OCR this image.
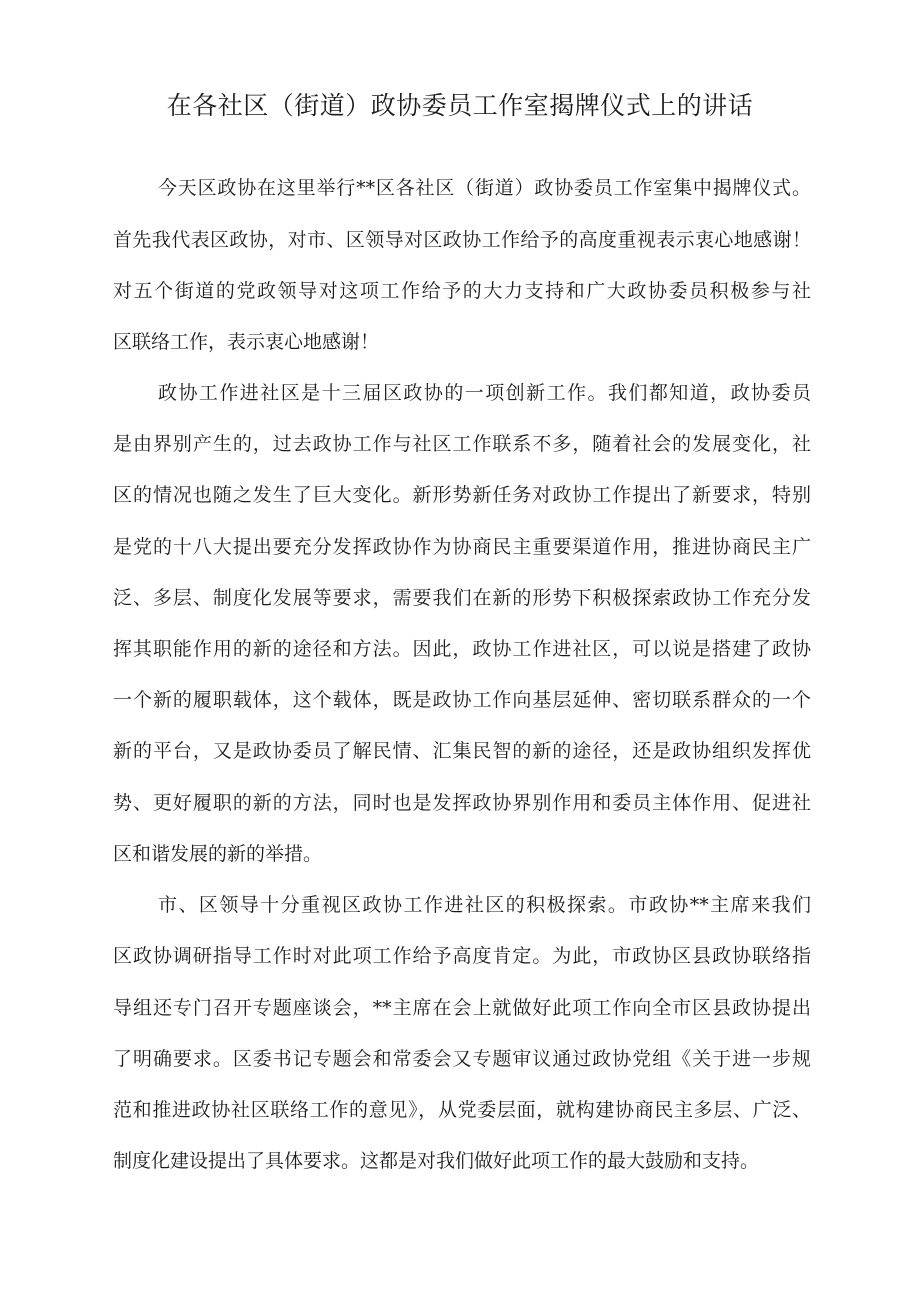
在各社区（街道）政协委员工作室揭牌仪式上的讲话
今天区政协在这里举行**区各社区（街道）政协委员工作室集中揭牌仪式。
首先我代表区政协，对市、区领导对区政协工作给予的高度重视表示衷心地感谢！
对五个街道的党政领导对这项工作给予的大力支持和广大政协委员积极参与社
区联络工作，表示衷心地感谢！
政协工作进社区是十三届区政协的一项创新工作。我们都知道，政协委员
是由界别产生的，过去政协工作与社区工作联系不多，随着社会的发展变化，社
区的情况也随之发生了巨大变化。新形势新任务对政协工作提出了新要求，特别
是党的十八大提出要充分发挥政协作为协商民主重要渠道作用，推进协商民主广
泛、多层、制度化发展等要求，需要我们在新的形势下积极探索政协工作充分发
挥其职能作用的新的途径和方法。因此，政协工作进社区，可以说是搭建了政协
一个新的履职载体，这个载体，既是政协工作向基层延伸、密切联系群众的一个
新的平台，又是政协委员了解民情、汇集民智的新的途径，还是政协组织发挥优
势、更好履职的新的方法，同时也是发挥政协界别作用和委员主体作用、促进社
区和谐发展的新的举措。
市、区领导十分重视区政协工作进社区的积极探索。市政协**主席来我们
区政协调研指导工作时对此项工作给予高度肯定。为此，市政协区县政协联络指
导组还专门召开专题座谈会，**主席在会上就做好此项工作向全市区县政协提出
了明确要求。区委书记专题会和常委会又专题审议通过政协党组《关于进一步规
范和推进政协社区联络工作的意见》，从党委层面，就构建协商民主多层、广泛、
制度化建设提出了具体要求。这都是对我们做好此项工作的最大鼓励和支持。
